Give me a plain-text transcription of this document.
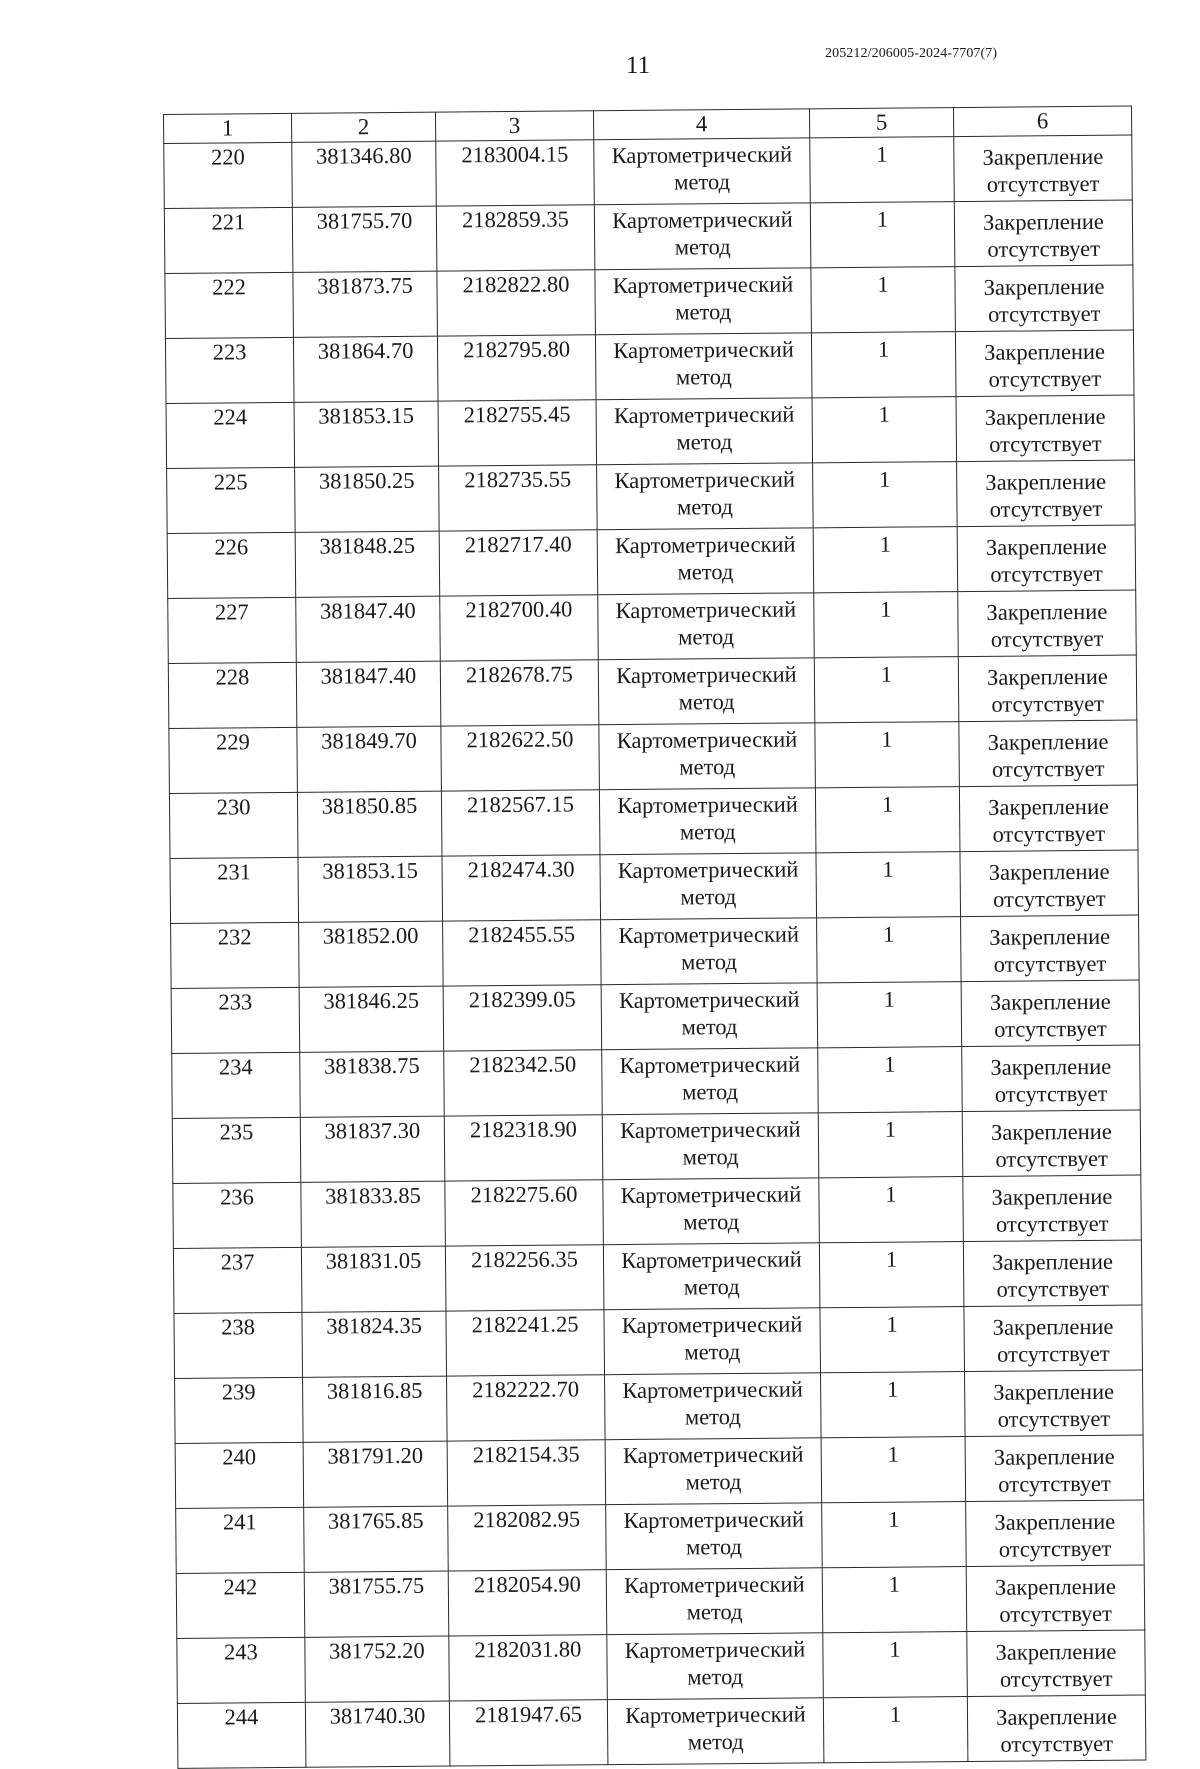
11	205212/206005-2024-7707(7)
1	2	3	4	5	6

220	381346.80	2183004.15	Картометрический
метод	1	Закрепление
отсутствует

221	381755.70	2182859.35	Картометрический
метод	1	Закрепление
отсутствует

222	381873.75	2182822.80	Картометрический
метод	1	Закрепление
отсутствует

223	381864.70	2182795.80	Картометрический
метод	1	Закрепление
отсутствует

224	381853.15	2182755.45	Картометрический
метод	1	Закрепление
отсутствует

225	381850.25	2182735.55	Картометрический
метод	1	Закрепление
отсутствует

226	381848.25	2182717.40	Картометрический
метод	1	Закрепление
отсутствует

227	381847.40	2182700.40	Картометрический
метод	1	Закрепление
отсутствует

228	381847.40	2182678.75	Картометрический
метод	1	Закрепление
отсутствует

229	381849.70	2182622.50	Картометрический
метод	1	Закрепление
отсутствует

230	381850.85	2182567.15	Картометрический
метод	1	Закрепление
отсутствует

231	381853.15	2182474.30	Картометрический
метод	1	Закрепление
отсутствует

232	381852.00	2182455.55	Картометрический
метод	1	Закрепление
отсутствует

233	381846.25	2182399.05	Картометрический
метод	1	Закрепление
отсутствует

234	381838.75	2182342.50	Картометрический
метод	1	Закрепление
отсутствует

235	381837.30	2182318.90	Картометрический
метод	1	Закрепление
отсутствует

236	381833.85	2182275.60	Картометрический
метод	1	Закрепление
отсутствует

237	381831.05	2182256.35	Картометрический
метод	1	Закрепление
отсутствует

238	381824.35	2182241.25	Картометрический
метод	1	Закрепление
отсутствует

239	381816.85	2182222.70	Картометрический
метод	1	Закрепление
отсутствует

240	381791.20	2182154.35	Картометрический
метод	1	Закрепление
отсутствует

241	381765.85	2182082.95	Картометрический
метод	1	Закрепление
отсутствует

242	381755.75	2182054.90	Картометрический
метод	1	Закрепление
отсутствует

243	381752.20	2182031.80	Картометрический
метод	1	Закрепление
отсутствует

244	381740.30	2181947.65	Картометрический
метод	1	Закрепление
отсутствует
